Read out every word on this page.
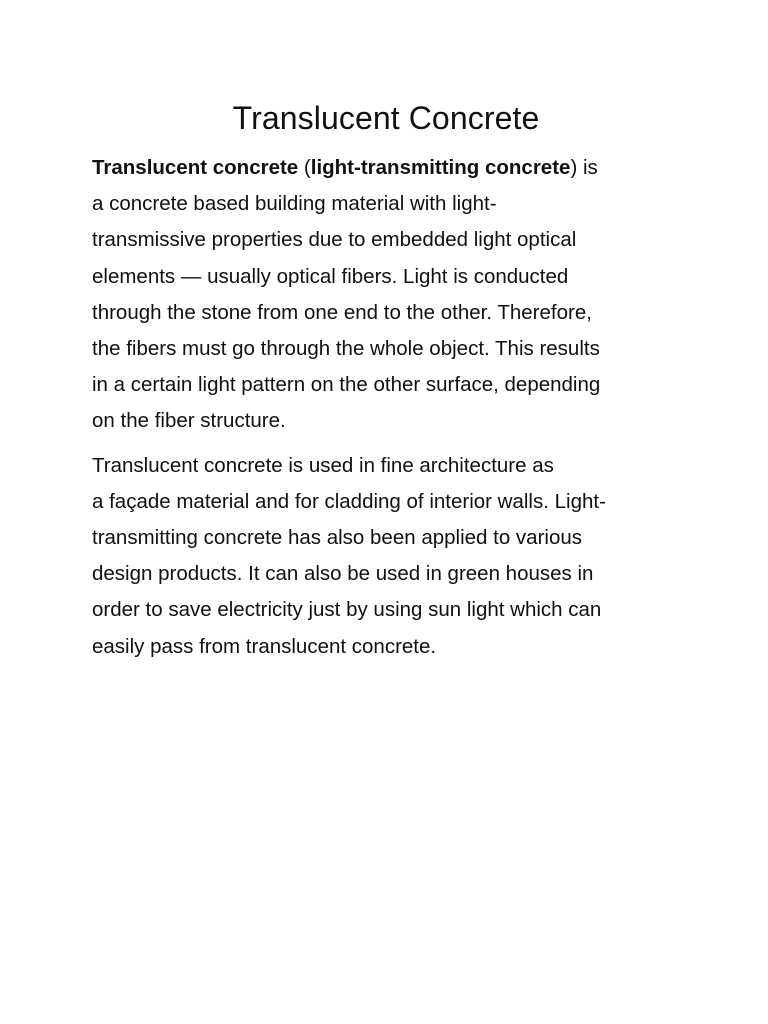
Translucent Concrete

Translucent concrete (light-transmitting concrete) is
a concrete based building material with light-
transmissive properties due to embedded light optical
elements — usually optical fibers. Light is conducted
through the stone from one end to the other. Therefore,
the fibers must go through the whole object. This results
in a certain light pattern on the other surface, depending
on the fiber structure.

Translucent concrete is used in fine architecture as
a façade material and for cladding of interior walls. Light-
transmitting concrete has also been applied to various
design products. It can also be used in green houses in
order to save electricity just by using sun light which can
easily pass from translucent concrete.
